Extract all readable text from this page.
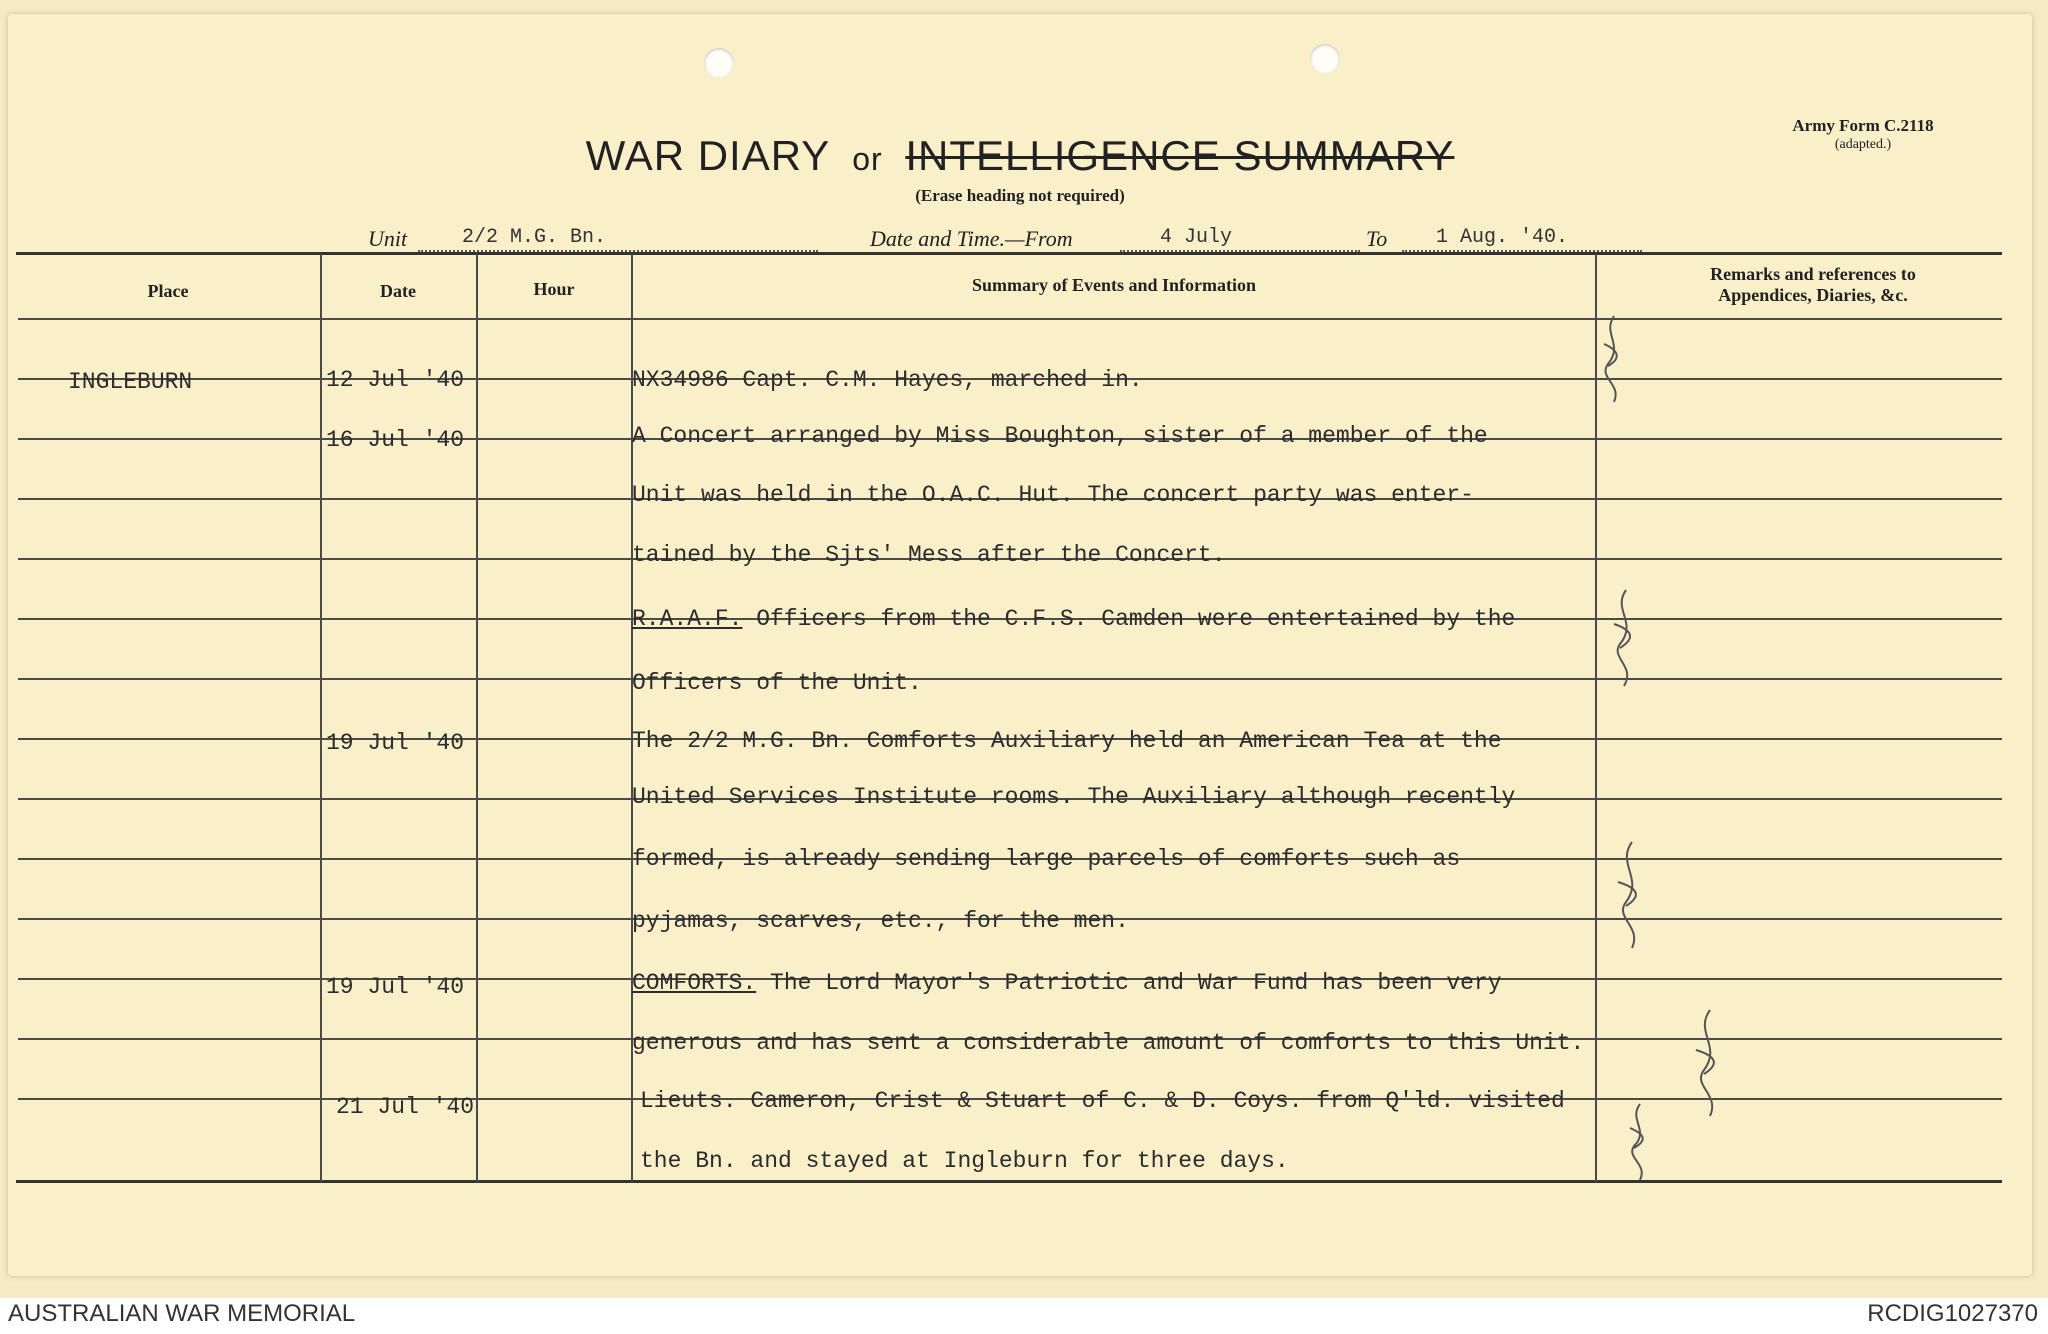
WAR DIARY or INTELLIGENCE SUMMARY
(Erase heading not required)
Army Form C.2118
(adapted.)
Unit	2/2 M.G. Bn.	Date and Time.—From	4 July	To 1 Aug. '40.
Place	Date	Hour	Summary of Events and Information
Remarks and references to
Appendices, Diaries, &c.
INGLEBURN	12 Jul '40	NX34986 Capt. C.M. Hayes, marched in.
16 Jul '40	A Concert arranged by Miss Boughton, sister of a member of the
Unit was held in the O.A.C. Hut. The concert party was enter-
tained by the Sjts' Mess after the Concert.
R.A.A.F. Officers from the C.F.S. Camden were entertained by the
Officers of the Unit.
19 Jul '40	The 2/2 M.G. Bn. Comforts Auxiliary held an American Tea at the
United Services Institute rooms. The Auxiliary although recently
formed, is already sending large parcels of comforts such as
pyjamas, scarves, etc., for the men.
19 Jul '40	COMFORTS. The Lord Mayor's Patriotic and War Fund has been very
generous and has sent a considerable amount of comforts to this Unit.
21 Jul '40	Lieuts. Cameron, Crist & Stuart of C. & D. Coys. from Q'ld. visited
the Bn. and stayed at Ingleburn for three days.
AUSTRALIAN WAR MEMORIAL	RCDIG1027370
